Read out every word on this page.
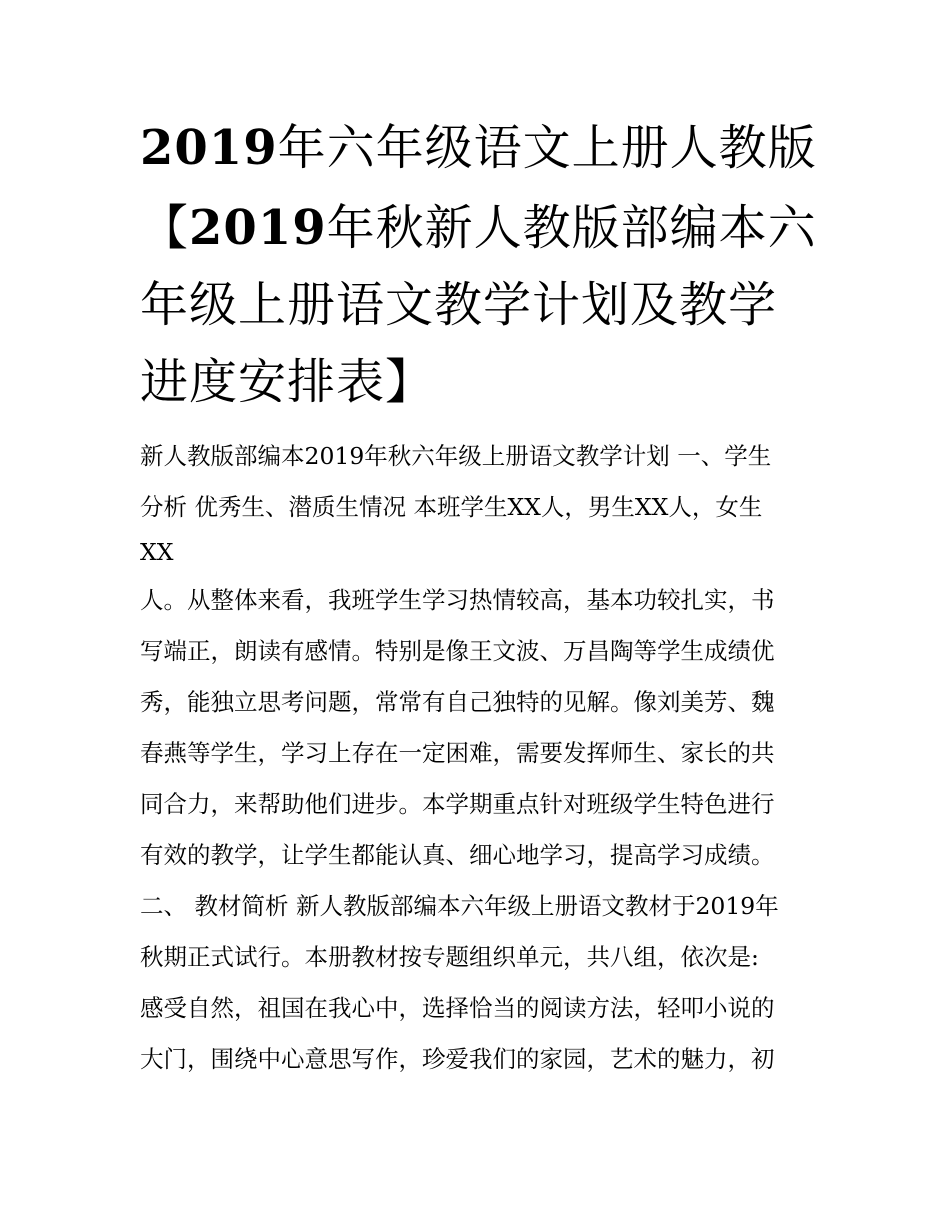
2019年六年级语文上册人教版
【2019年秋新人教版部编本六
年级上册语文教学计划及教学
进度安排表】
新人教版部编本2019年秋六年级上册语文教学计划 一、学生
分析 优秀生、潜质生情况 本班学生XX人，男生XX人，女生
XX
人。从整体来看，我班学生学习热情较高，基本功较扎实，书
写端正，朗读有感情。特别是像王文波、万昌陶等学生成绩优
秀，能独立思考问题，常常有自己独特的见解。像刘美芳、魏
春燕等学生，学习上存在一定困难，需要发挥师生、家长的共
同合力，来帮助他们进步。本学期重点针对班级学生特色进行
有效的教学，让学生都能认真、细心地学习，提高学习成绩。
二、 教材简析 新人教版部编本六年级上册语文教材于2019年
秋期正式试行。本册教材按专题组织单元，共八组，依次是:
感受自然，祖国在我心中，选择恰当的阅读方法，轻叩小说的
大门，围绕中心意思写作，珍爱我们的家园，艺术的魅力，初
